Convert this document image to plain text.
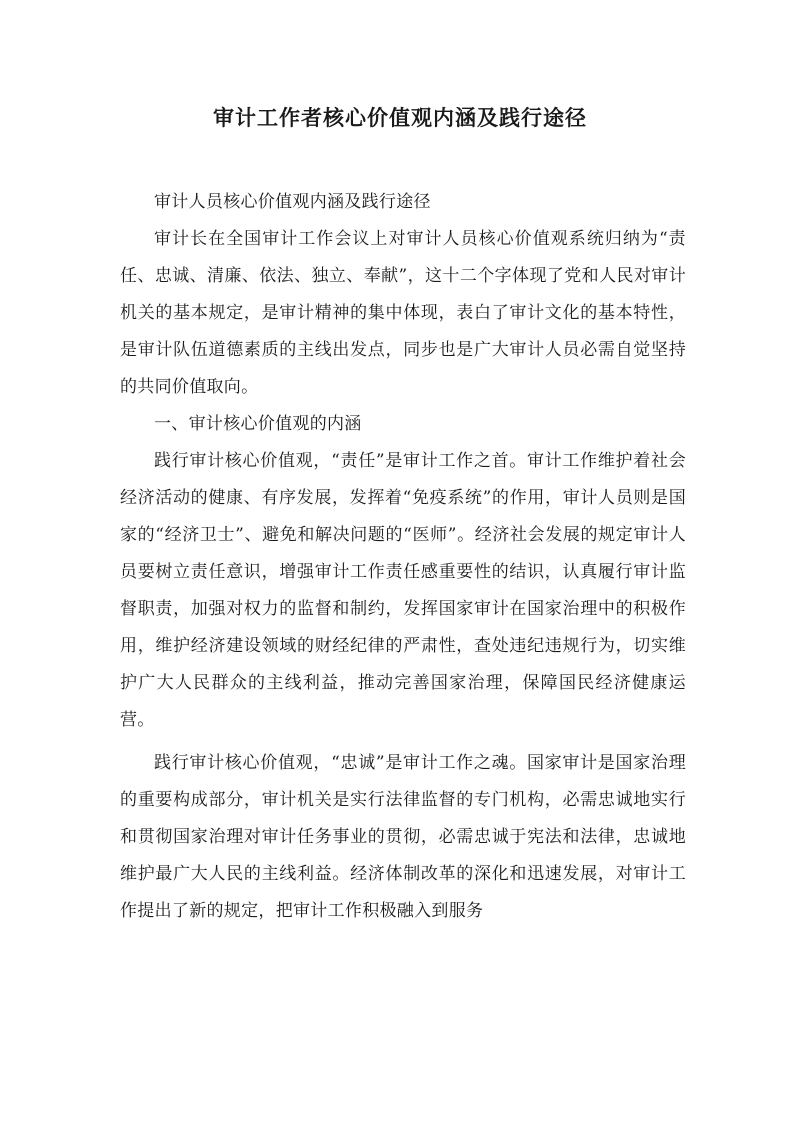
审计工作者核心价值观内涵及践行途径

审计人员核心价值观内涵及践行途径

审计长在全国审计工作会议上对审计人员核心价值观系统归纳为“责任、忠诚、清廉、依法、独立、奉献”，这十二个字体现了党和人民对审计机关的基本规定，是审计精神的集中体现，表白了审计文化的基本特性，是审计队伍道德素质的主线出发点，同步也是广大审计人员必需自觉坚持的共同价值取向。

一、审计核心价值观的内涵

践行审计核心价值观，“责任”是审计工作之首。审计工作维护着社会经济活动的健康、有序发展，发挥着“免疫系统”的作用，审计人员则是国家的“经济卫士”、避免和解决问题的“医师”。经济社会发展的规定审计人员要树立责任意识，增强审计工作责任感重要性的结识，认真履行审计监督职责，加强对权力的监督和制约，发挥国家审计在国家治理中的积极作用，维护经济建设领域的财经纪律的严肃性，查处违纪违规行为，切实维护广大人民群众的主线利益，推动完善国家治理，保障国民经济健康运营。

践行审计核心价值观，“忠诚”是审计工作之魂。国家审计是国家治理的重要构成部分，审计机关是实行法律监督的专门机构，必需忠诚地实行和贯彻国家治理对审计任务事业的贯彻，必需忠诚于宪法和法律，忠诚地维护最广大人民的主线利益。经济体制改革的深化和迅速发展，对审计工作提出了新的规定，把审计工作积极融入到服务
